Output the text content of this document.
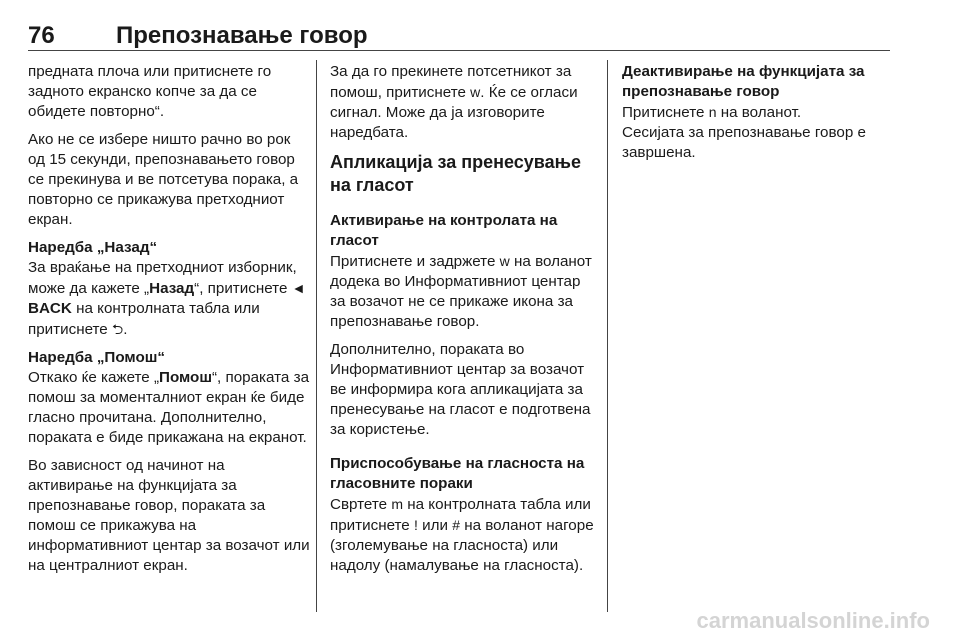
76	Препознавање говор

предната плоча или притиснете го задното екранско копче за да се обидете повторно“.

Ако не се избере ништо рачно во рок од 15 секунди, препознавањето говор се прекинува и ве потсетува порака, а повторно се прикажува претходниот екран.

Наредба „Назад“

За враќање на претходниот изборник, може да кажете „Назад“, притиснете ◄ BACK на контролната табла или притиснете ⮌.

Наредба „Помош“

Откако ќе кажете „Помош“, пораката за помош за моменталниот екран ќе биде гласно прочитана. Дополнително, пораката е биде прикажана на екранот.

Во зависност од начинот на активирање на функцијата за препознавање говор, пораката за помош се прикажува на информативниот центар за возачот или на централниот екран.

За да го прекинете потсетникот за помош, притиснете w. Ќе се огласи сигнал. Може да ја изговорите наредбата.

Апликација за пренесување на гласот
Активирање на контролата на гласот

Притиснете и задржете w на воланот додека во Информативниот центар за возачот не се прикаже икона за препознавање говор.

Дополнително, пораката во Информативниот центар за возачот ве информира кога апликацијата за пренесување на гласот е подготвена за користење.

Приспособување на гласноста на гласовните пораки

Свртете m на контролната табла или притиснете ! или # на воланот нагоре (зголемување на гласноста) или надолу (намалување на гласноста).

Деактивирање на функцијата за препознавање говор
Притиснете n на воланот.

Сесијата за препознавање говор е завршена.

carmanualsonline.info
